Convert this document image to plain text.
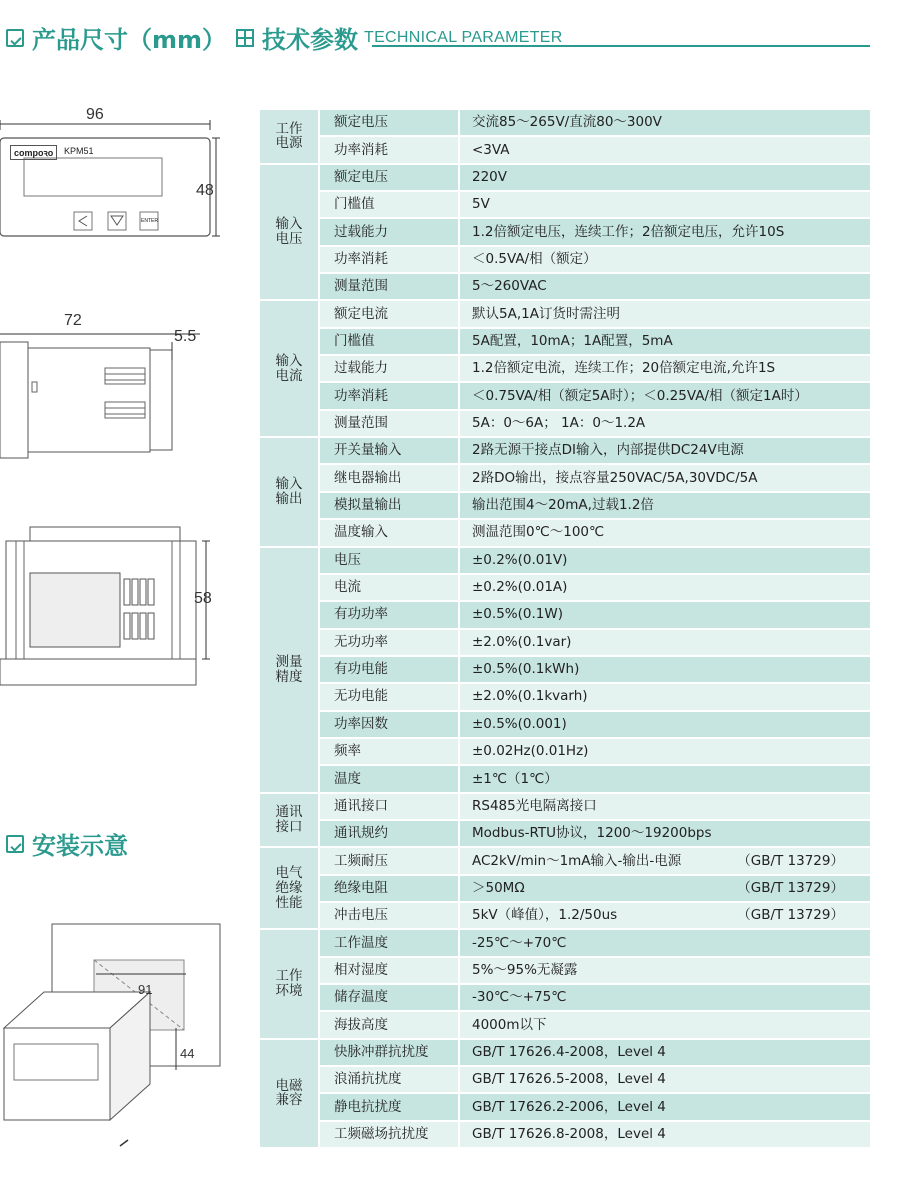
产品尺寸（mm） 技术参数 TECHNICAL PARAMETER
96
48
compoꝛo	KPM51
ENTER
72
5.5
58
安装示意
91
44
工作
电源	额定电压	交流85～265V/直流80～300V
	功率消耗	<3VA
输入
电压	额定电压	220V
	门槛值	5V
	过载能力	1.2倍额定电压，连续工作；2倍额定电压，允许10S
	功率消耗	＜0.5VA/相（额定）
	测量范围	5～260VAC
输入
电流	额定电流	默认5A,1A订货时需注明
	门槛值	5A配置，10mA；1A配置，5mA
	过载能力	1.2倍额定电流，连续工作；20倍额定电流,允许1S
	功率消耗	＜0.75VA/相（额定5A时）；＜0.25VA/相（额定1A时）
	测量范围	5A：0～6A； 1A：0～1.2A
输入
输出	开关量输入	2路无源干接点DI输入，内部提供DC24V电源
	继电器输出	2路DO输出，接点容量250VAC/5A,30VDC/5A
	模拟量输出	输出范围4～20mA,过载1.2倍
	温度输入	测温范围0℃～100℃
测量
精度	电压	±0.2%(0.01V)
	电流	±0.2%(0.01A)
	有功功率	±0.5%(0.1W)
	无功功率	±2.0%(0.1var)
	有功电能	±0.5%(0.1kWh)
	无功电能	±2.0%(0.1kvarh)
	功率因数	±0.5%(0.001)
	频率	±0.02Hz(0.01Hz)
	温度	±1℃（1℃）
通讯
接口	通讯接口	RS485光电隔离接口
	通讯规约	Modbus-RTU协议，1200～19200bps
电气
绝缘
性能	工频耐压	AC2kV/min～1mA输入-输出-电源 （GB/T 13729）

	绝缘电阻	＞50MΩ （GB/T 13729）

	冲击电压	5kV（峰值），1.2/50us （GB/T 13729）

工作
环境	工作温度	-25℃～+70℃
	相对湿度	5%～95%无凝露
	储存温度	-30℃～+75℃
	海拔高度	4000m以下
电磁
兼容	快脉冲群抗扰度	GB/T 17626.4-2008，Level 4
	浪涌抗扰度	GB/T 17626.5-2008，Level 4
	静电抗扰度	GB/T 17626.2-2006，Level 4
	工频磁场抗扰度	GB/T 17626.8-2008，Level 4
